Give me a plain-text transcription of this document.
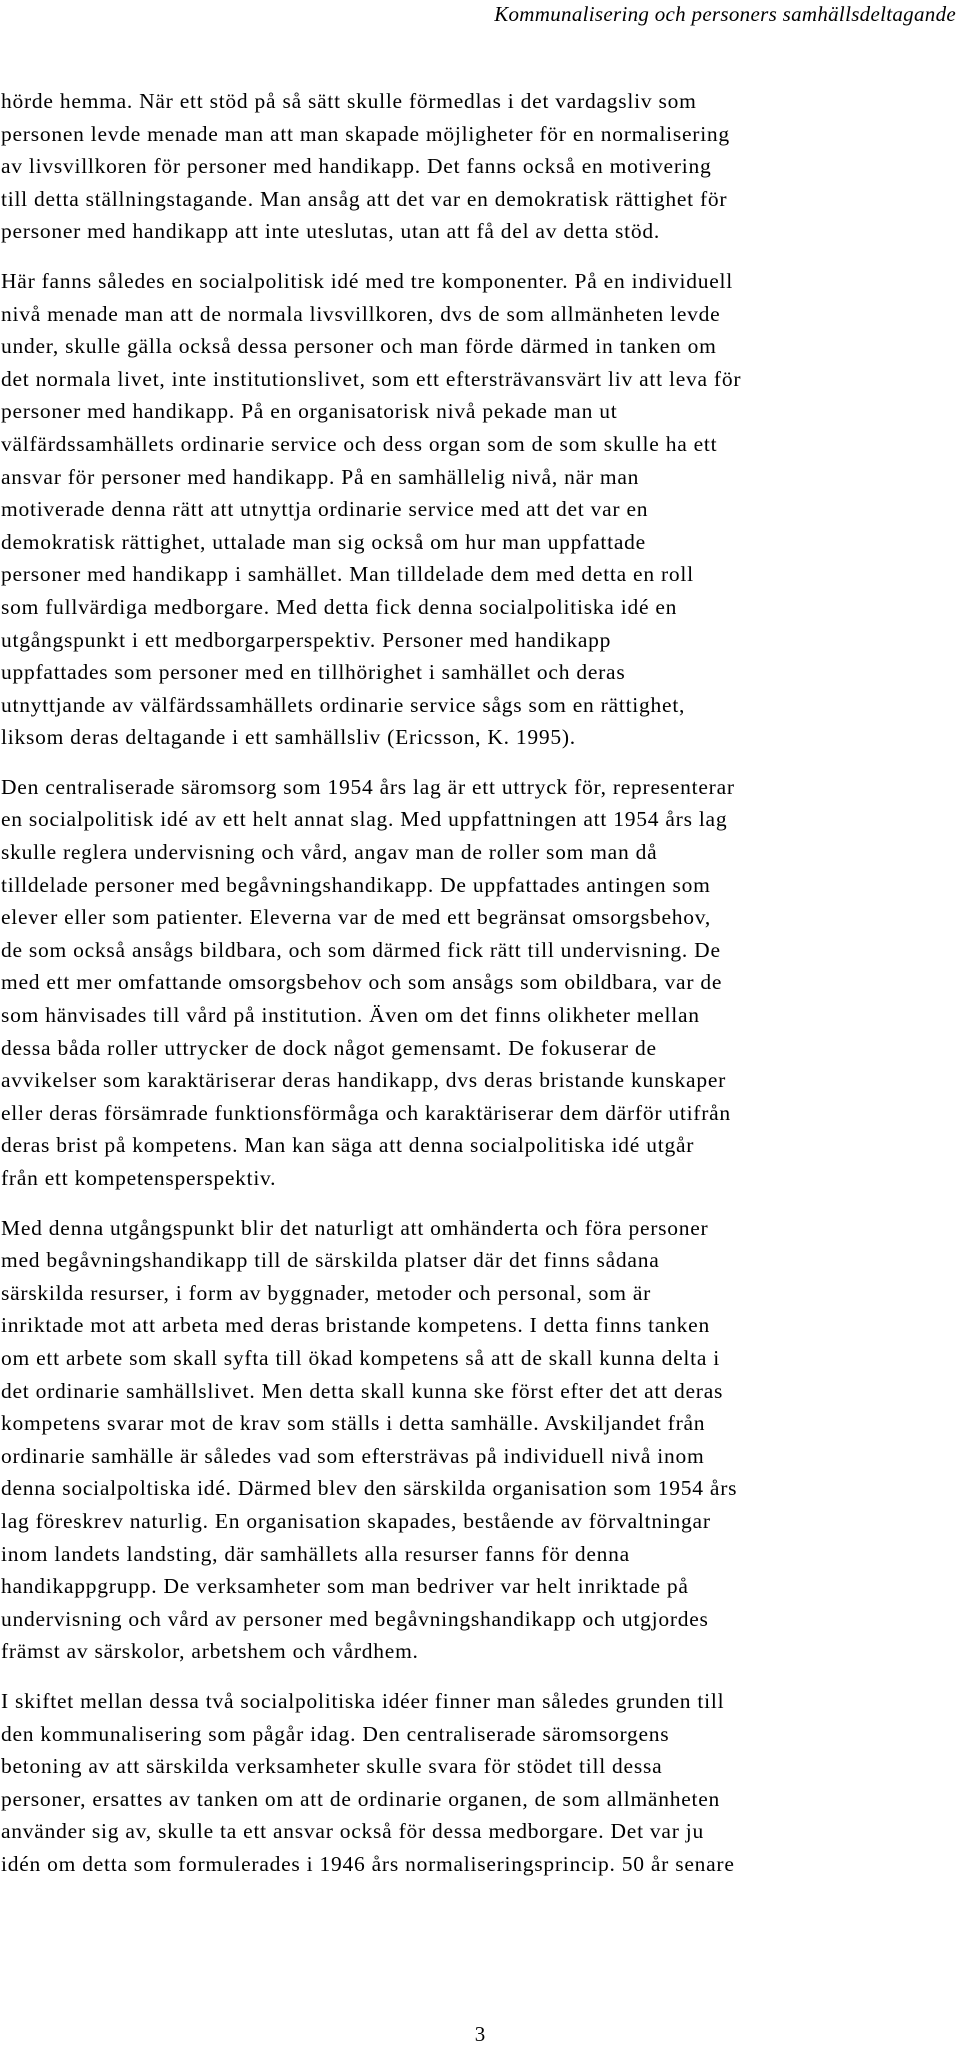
Kommunalisering och personers samhällsdeltagande
hörde hemma. När ett stöd på så sätt skulle förmedlas i det vardagsliv som
personen levde menade man att man skapade möjligheter för en normalisering
av livsvillkoren för personer med handikapp. Det fanns också en motivering
till detta ställningstagande. Man ansåg att det var en demokratisk rättighet för
personer med handikapp att inte uteslutas, utan att få del av detta stöd.
Här fanns således en socialpolitisk idé med tre komponenter. På en individuell
nivå menade man att de normala livsvillkoren, dvs de som allmänheten levde
under, skulle gälla också dessa personer och man förde därmed in tanken om
det normala livet, inte institutionslivet, som ett eftersträvansvärt liv att leva för
personer med handikapp. På en organisatorisk nivå pekade man ut
välfärdssamhällets ordinarie service och dess organ som de som skulle ha ett
ansvar för personer med handikapp. På en samhällelig nivå, när man
motiverade denna rätt att utnyttja ordinarie service med att det var en
demokratisk rättighet, uttalade man sig också om hur man uppfattade
personer med handikapp i samhället. Man tilldelade dem med detta en roll
som fullvärdiga medborgare. Med detta fick denna socialpolitiska idé en
utgångspunkt i ett medborgarperspektiv. Personer med handikapp
uppfattades som personer med en tillhörighet i samhället och deras
utnyttjande av välfärdssamhällets ordinarie service sågs som en rättighet,
liksom deras deltagande i ett samhällsliv (Ericsson, K. 1995).
Den centraliserade säromsorg som 1954 års lag är ett uttryck för, representerar
en socialpolitisk idé av ett helt annat slag. Med uppfattningen att 1954 års lag
skulle reglera undervisning och vård, angav man de roller som man då
tilldelade personer med begåvningshandikapp. De uppfattades antingen som
elever eller som patienter. Eleverna var de med ett begränsat omsorgsbehov,
de som också ansågs bildbara, och som därmed fick rätt till undervisning. De
med ett mer omfattande omsorgsbehov och som ansågs som obildbara, var de
som hänvisades till vård på institution. Även om det finns olikheter mellan
dessa båda roller uttrycker de dock något gemensamt. De fokuserar de
avvikelser som karaktäriserar deras handikapp, dvs deras bristande kunskaper
eller deras försämrade funktionsförmåga och karaktäriserar dem därför utifrån
deras brist på kompetens. Man kan säga att denna socialpolitiska idé utgår
från ett kompetensperspektiv.
Med denna utgångspunkt blir det naturligt att omhänderta och föra personer
med begåvningshandikapp till de särskilda platser där det finns sådana
särskilda resurser, i form av byggnader, metoder och personal, som är
inriktade mot att arbeta med deras bristande kompetens. I detta finns tanken
om ett arbete som skall syfta till ökad kompetens så att de skall kunna delta i
det ordinarie samhällslivet. Men detta skall kunna ske först efter det att deras
kompetens svarar mot de krav som ställs i detta samhälle. Avskiljandet från
ordinarie samhälle är således vad som eftersträvas på individuell nivå inom
denna socialpoltiska idé. Därmed blev den särskilda organisation som 1954 års
lag föreskrev naturlig. En organisation skapades, bestående av förvaltningar
inom landets landsting, där samhällets alla resurser fanns för denna
handikappgrupp. De verksamheter som man bedriver var helt inriktade på
undervisning och vård av personer med begåvningshandikapp och utgjordes
främst av särskolor, arbetshem och vårdhem.
I skiftet mellan dessa två socialpolitiska idéer finner man således grunden till
den kommunalisering som pågår idag. Den centraliserade säromsorgens
betoning av att särskilda verksamheter skulle svara för stödet till dessa
personer, ersattes av tanken om att de ordinarie organen, de som allmänheten
använder sig av, skulle ta ett ansvar också för dessa medborgare. Det var ju
idén om detta som formulerades i 1946 års normaliseringsprincip. 50 år senare
3
